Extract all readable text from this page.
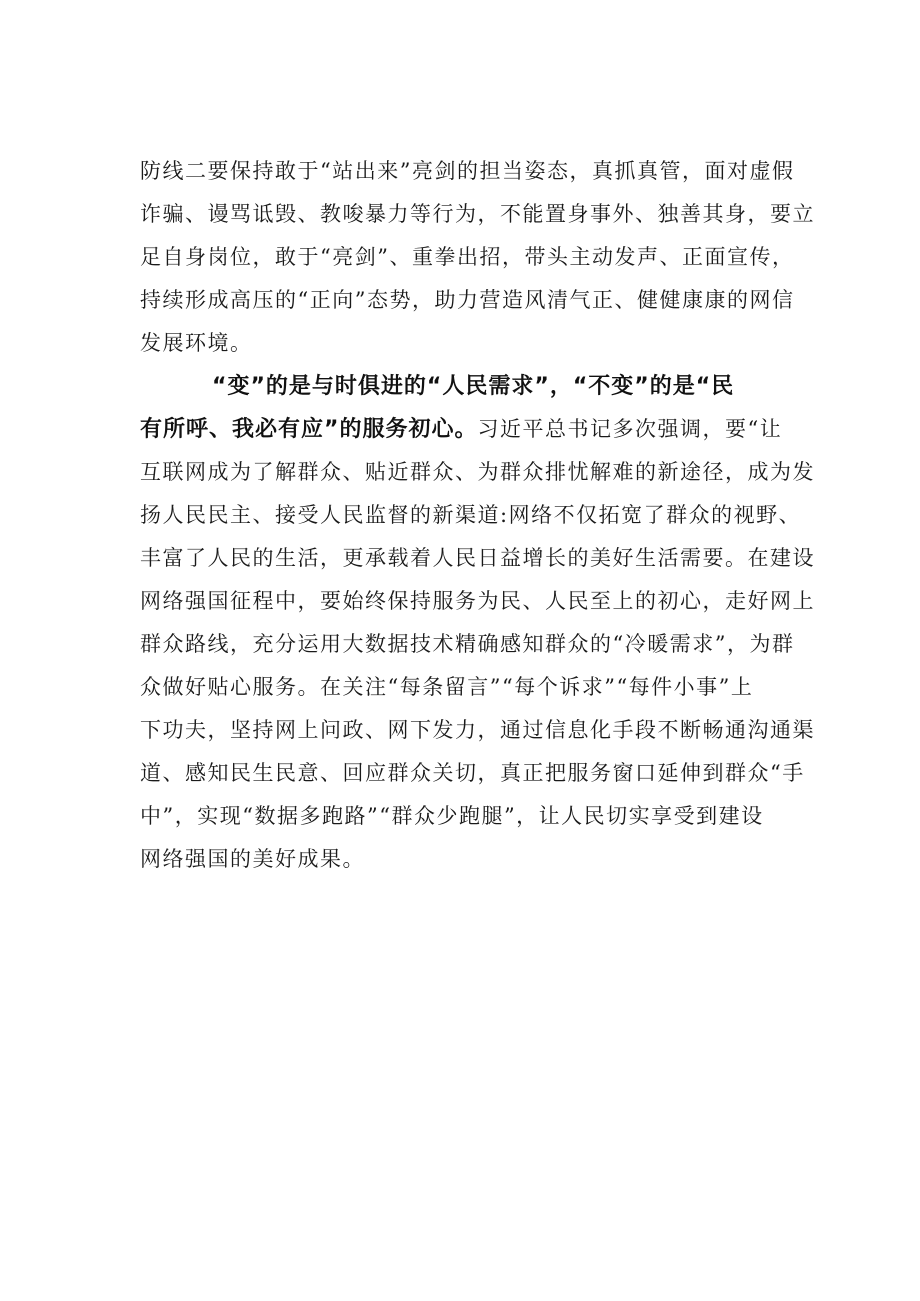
防线二要保持敢于“站出来”亮剑的担当姿态，真抓真管，面对虚假
诈骗、谩骂诋毁、教唆暴力等行为，不能置身事外、独善其身，要立
足自身岗位，敢于“亮剑”、重拳出招，带头主动发声、正面宣传，
持续形成高压的“正向”态势，助力营造风清气正、健健康康的网信
发展环境。
“变”的是与时俱进的“人民需求”，“不变”的是“民
有所呼、我必有应”的服务初心。习近平总书记多次强调，要“让
互联网成为了解群众、贴近群众、为群众排忧解难的新途径，成为发
扬人民民主、接受人民监督的新渠道:网络不仅拓宽了群众的视野、
丰富了人民的生活，更承载着人民日益增长的美好生活需要。在建设
网络强国征程中，要始终保持服务为民、人民至上的初心，走好网上
群众路线，充分运用大数据技术精确感知群众的“冷暖需求”，为群
众做好贴心服务。在关注“每条留言”“每个诉求”“每件小事”上
下功夫，坚持网上问政、网下发力，通过信息化手段不断畅通沟通渠
道、感知民生民意、回应群众关切，真正把服务窗口延伸到群众“手
中”，实现“数据多跑路”“群众少跑腿”，让人民切实享受到建设
网络强国的美好成果。
